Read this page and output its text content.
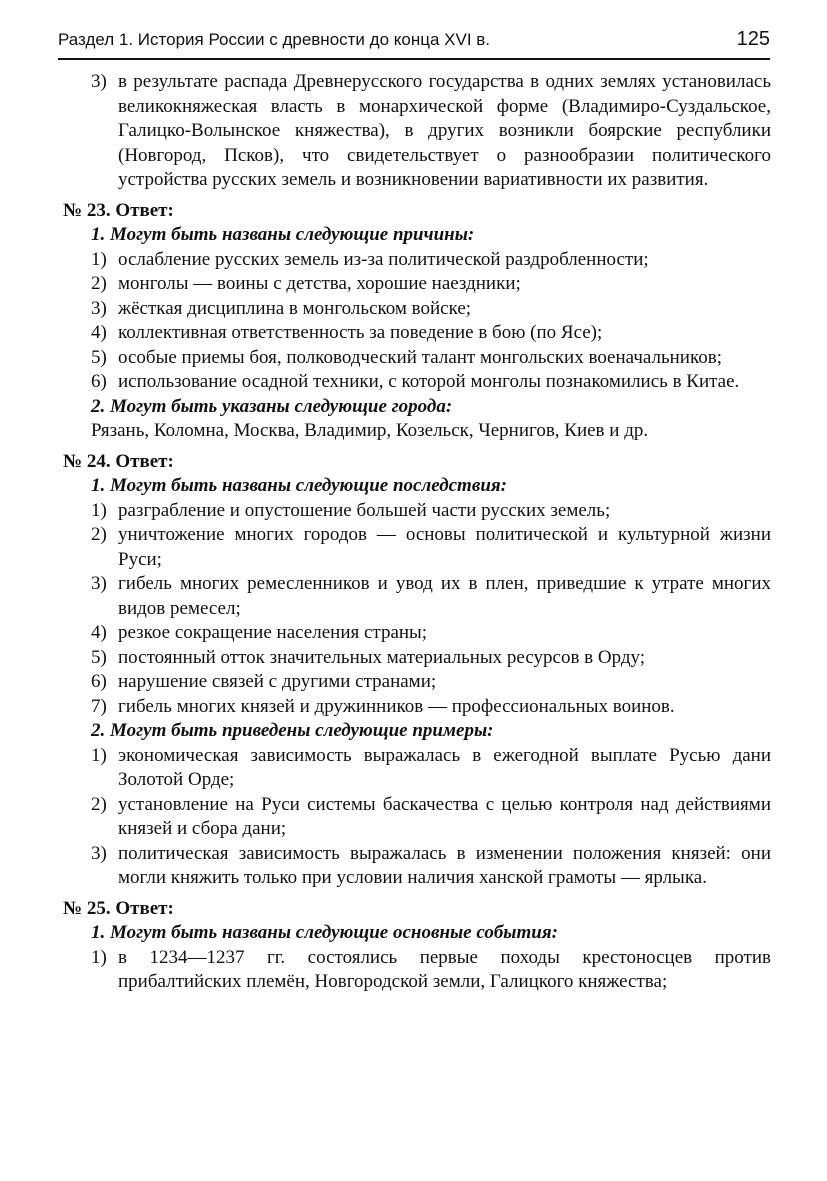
Раздел 1. История России с древности до конца XVI в.	125
3) в результате распада Древнерусского государства в одних землях установилась великокняжеская власть в монархической форме (Владимиро-Суздальское, Галицко-Волынское княжества), в других возникли боярские республики (Новгород, Псков), что свидетельствует о разнообразии политического устройства русских земель и возникновении вариативности их развития.
№ 23. Ответ:
1. Могут быть названы следующие причины:
1) ослабление русских земель из-за политической раздробленности;
2) монголы — воины с детства, хорошие наездники;
3) жёсткая дисциплина в монгольском войске;
4) коллективная ответственность за поведение в бою (по Ясе);
5) особые приемы боя, полководческий талант монгольских военачальников;
6) использование осадной техники, с которой монголы познакомились в Китае.
2. Могут быть указаны следующие города:
Рязань, Коломна, Москва, Владимир, Козельск, Чернигов, Киев и др.
№ 24. Ответ:
1. Могут быть названы следующие последствия:
1) разграбление и опустошение большей части русских земель;
2) уничтожение многих городов — основы политической и культурной жизни Руси;
3) гибель многих ремесленников и увод их в плен, приведшие к утрате многих видов ремесел;
4) резкое сокращение населения страны;
5) постоянный отток значительных материальных ресурсов в Орду;
6) нарушение связей с другими странами;
7) гибель многих князей и дружинников — профессиональных воинов.
2. Могут быть приведены следующие примеры:
1) экономическая зависимость выражалась в ежегодной выплате Русью дани Золотой Орде;
2) установление на Руси системы баскачества с целью контроля над действиями князей и сбора дани;
3) политическая зависимость выражалась в изменении положения князей: они могли княжить только при условии наличия ханской грамоты — ярлыка.
№ 25. Ответ:
1. Могут быть названы следующие основные события:
1) в 1234—1237 гг. состоялись первые походы крестоносцев против прибалтийских племён, Новгородской земли, Галицкого княжества;
